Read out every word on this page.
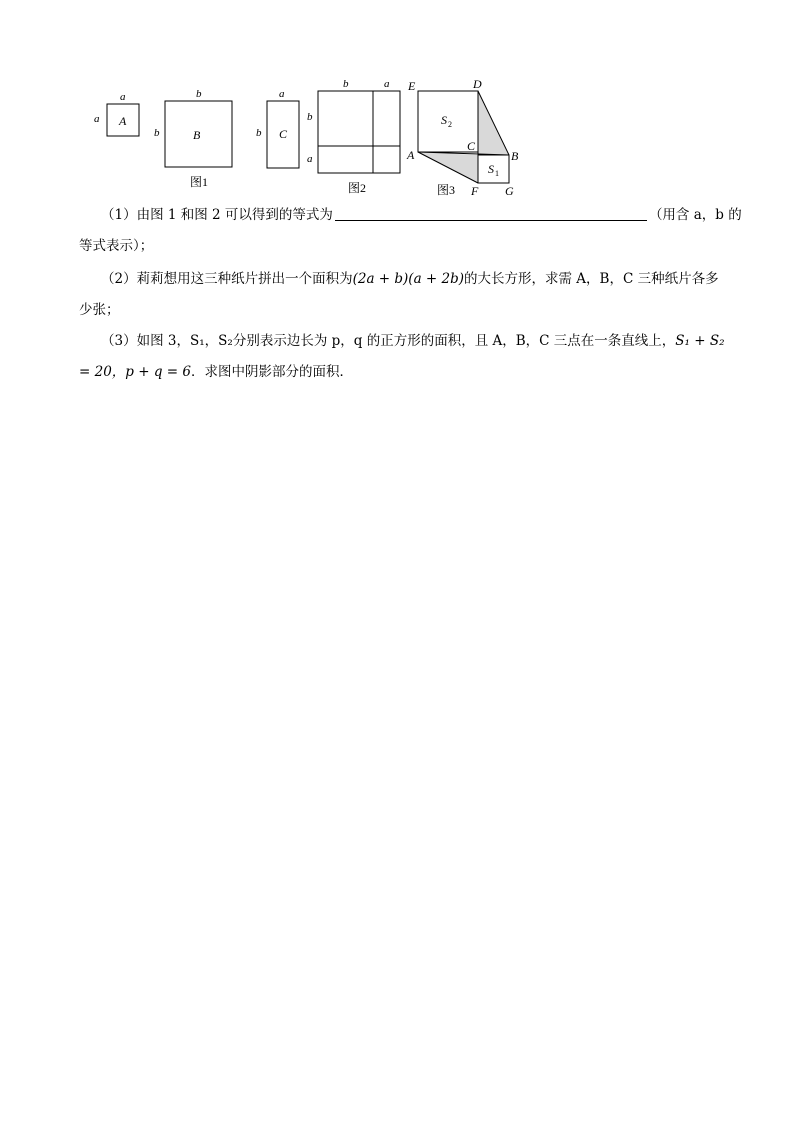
A
a
a
B
b
b
图1
C
a
b
b	a
b
a
图2
E	D
A
C
B
F G
S 2
S 1
图3
（1）由图 1 和图 2 可以得到的等式为	（用含 a，b 的
等式表示）；
（2）莉莉想用这三种纸片拼出一个面积为(2a + b)(a + 2b)的大长方形，求需 A，B，C 三种纸片各多
少张；
（3）如图 3，S₁，S₂分别表示边长为 p，q 的正方形的面积，且 A，B，C 三点在一条直线上，S₁ + S₂
= 20，p + q = 6．求图中阴影部分的面积．
